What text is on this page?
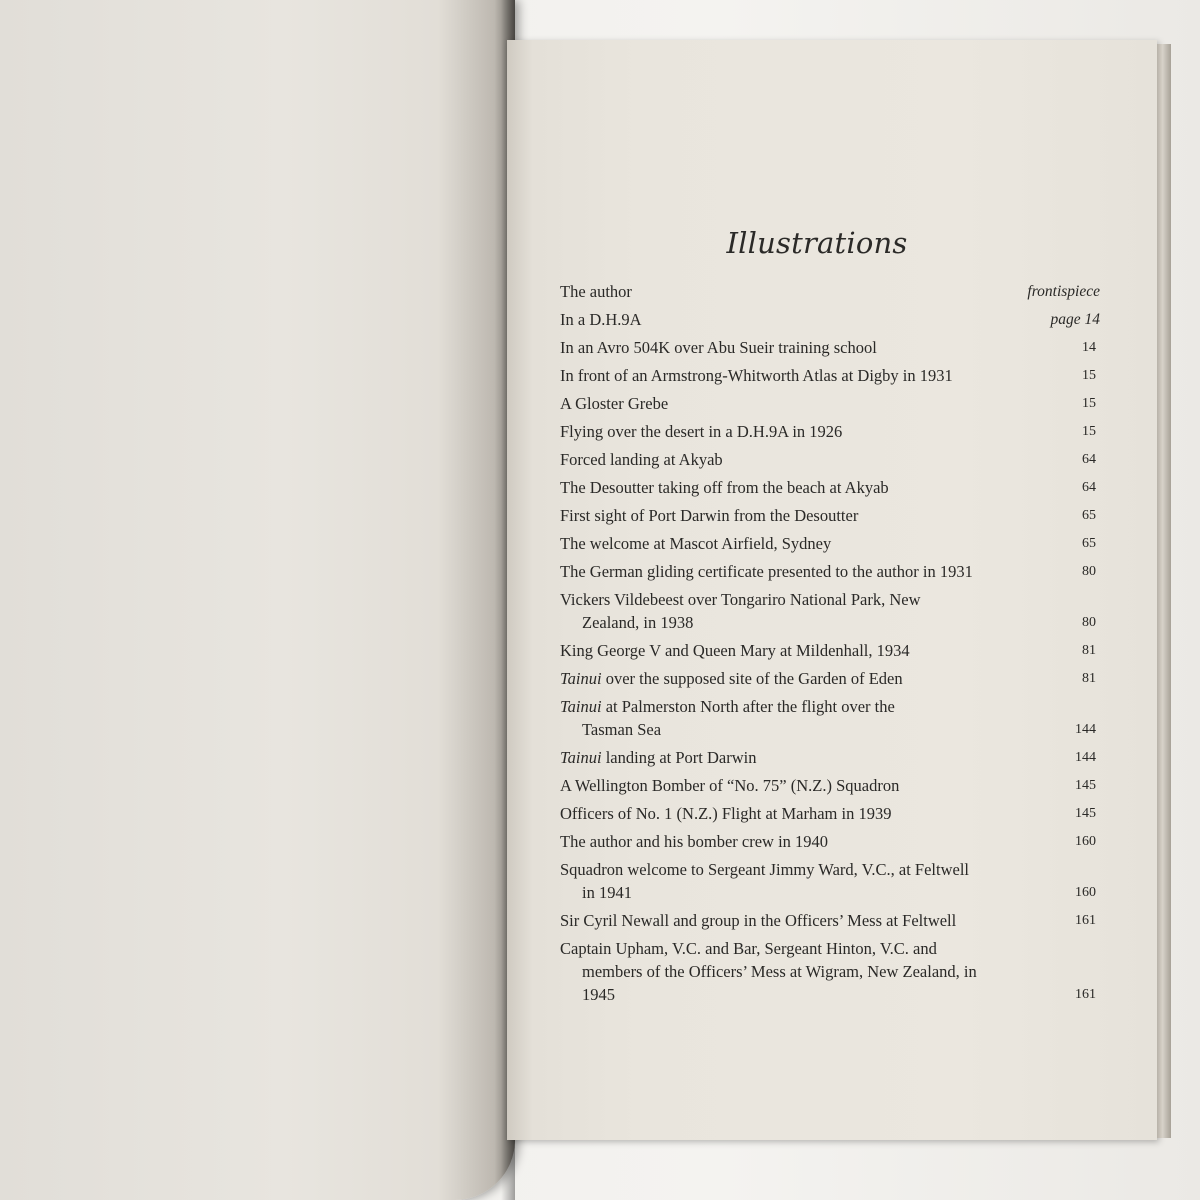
Illustrations
The author	frontispiece
In a D.H.9A	page 14
In an Avro 504K over Abu Sueir training school	14
In front of an Armstrong-Whitworth Atlas at Digby in 1931	15
A Gloster Grebe	15
Flying over the desert in a D.H.9A in 1926	15
Forced landing at Akyab	64
The Desoutter taking off from the beach at Akyab	64
First sight of Port Darwin from the Desoutter	65
The welcome at Mascot Airfield, Sydney	65
The German gliding certificate presented to the author in 1931	80
Vickers Vildebeest over Tongariro National Park, New
Zealand, in 1938	80
King George V and Queen Mary at Mildenhall, 1934	81
Tainui over the supposed site of the Garden of Eden	81
Tainui at Palmerston North after the flight over the
Tasman Sea	144
Tainui landing at Port Darwin	144
A Wellington Bomber of “No. 75” (N.Z.) Squadron	145
Officers of No. 1 (N.Z.) Flight at Marham in 1939	145
The author and his bomber crew in 1940	160
Squadron welcome to Sergeant Jimmy Ward, V.C., at Feltwell
in 1941	160
Sir Cyril Newall and group in the Officers’ Mess at Feltwell	161
Captain Upham, V.C. and Bar, Sergeant Hinton, V.C. and
members of the Officers’ Mess at Wigram, New Zealand, in
1945	161
